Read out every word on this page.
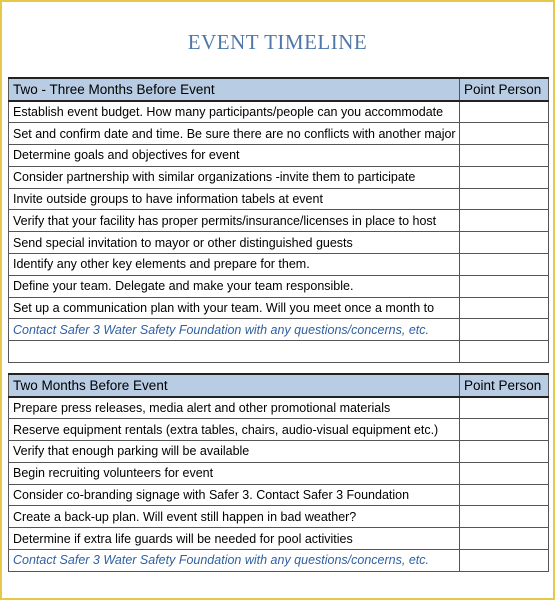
EVENT TIMELINE
Two - Three Months Before Event	Point Person
Establish event budget. How many participants/people can you accommodate	
Set and confirm date and time. Be sure there are no conflicts with another major	
Determine goals and objectives for event	
Consider partnership with similar organizations -invite them to participate	
Invite outside groups to have information tabels at event	
Verify that your facility has proper permits/insurance/licenses in place to host	
Send special invitation to mayor or other distinguished guests	
Identify any other key elements and prepare for them.	
Define your team. Delegate and make your team responsible.	
Set up a communication plan with your team. Will you meet once a month to	
Contact Safer 3 Water Safety Foundation with any questions/concerns, etc.	

Two Months Before Event	Point Person
Prepare press releases, media alert and other promotional materials	
Reserve equipment rentals (extra tables, chairs, audio-visual equipment etc.)	
Verify that enough parking will be available	
Begin recruiting volunteers for event	
Consider co-branding signage with Safer 3. Contact Safer 3 Foundation	
Create a back-up plan. Will event still happen in bad weather?	
Determine if extra life guards will be needed for pool activities	
Contact Safer 3 Water Safety Foundation with any questions/concerns, etc.	
